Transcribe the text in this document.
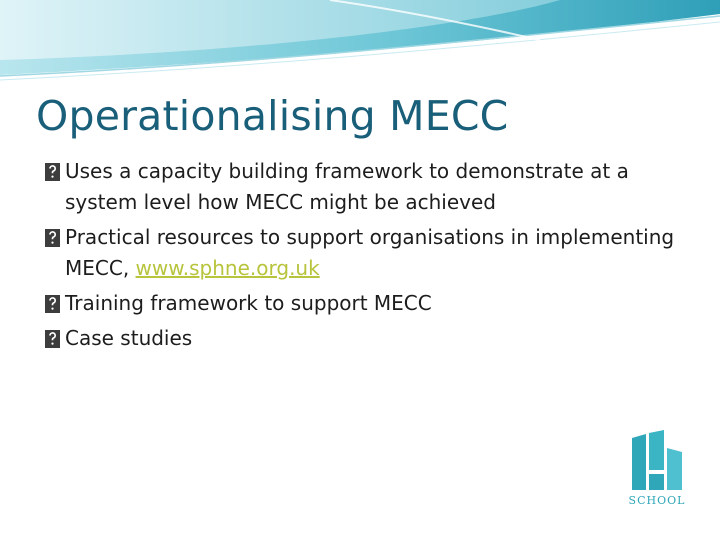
Operationalising MECC
Uses a capacity building framework to demonstrate at a system level how MECC might be achieved
Practical resources to support organisations in implementing MECC, www.sphne.org.uk
Training framework to support MECC
Case studies
SCHOOL
